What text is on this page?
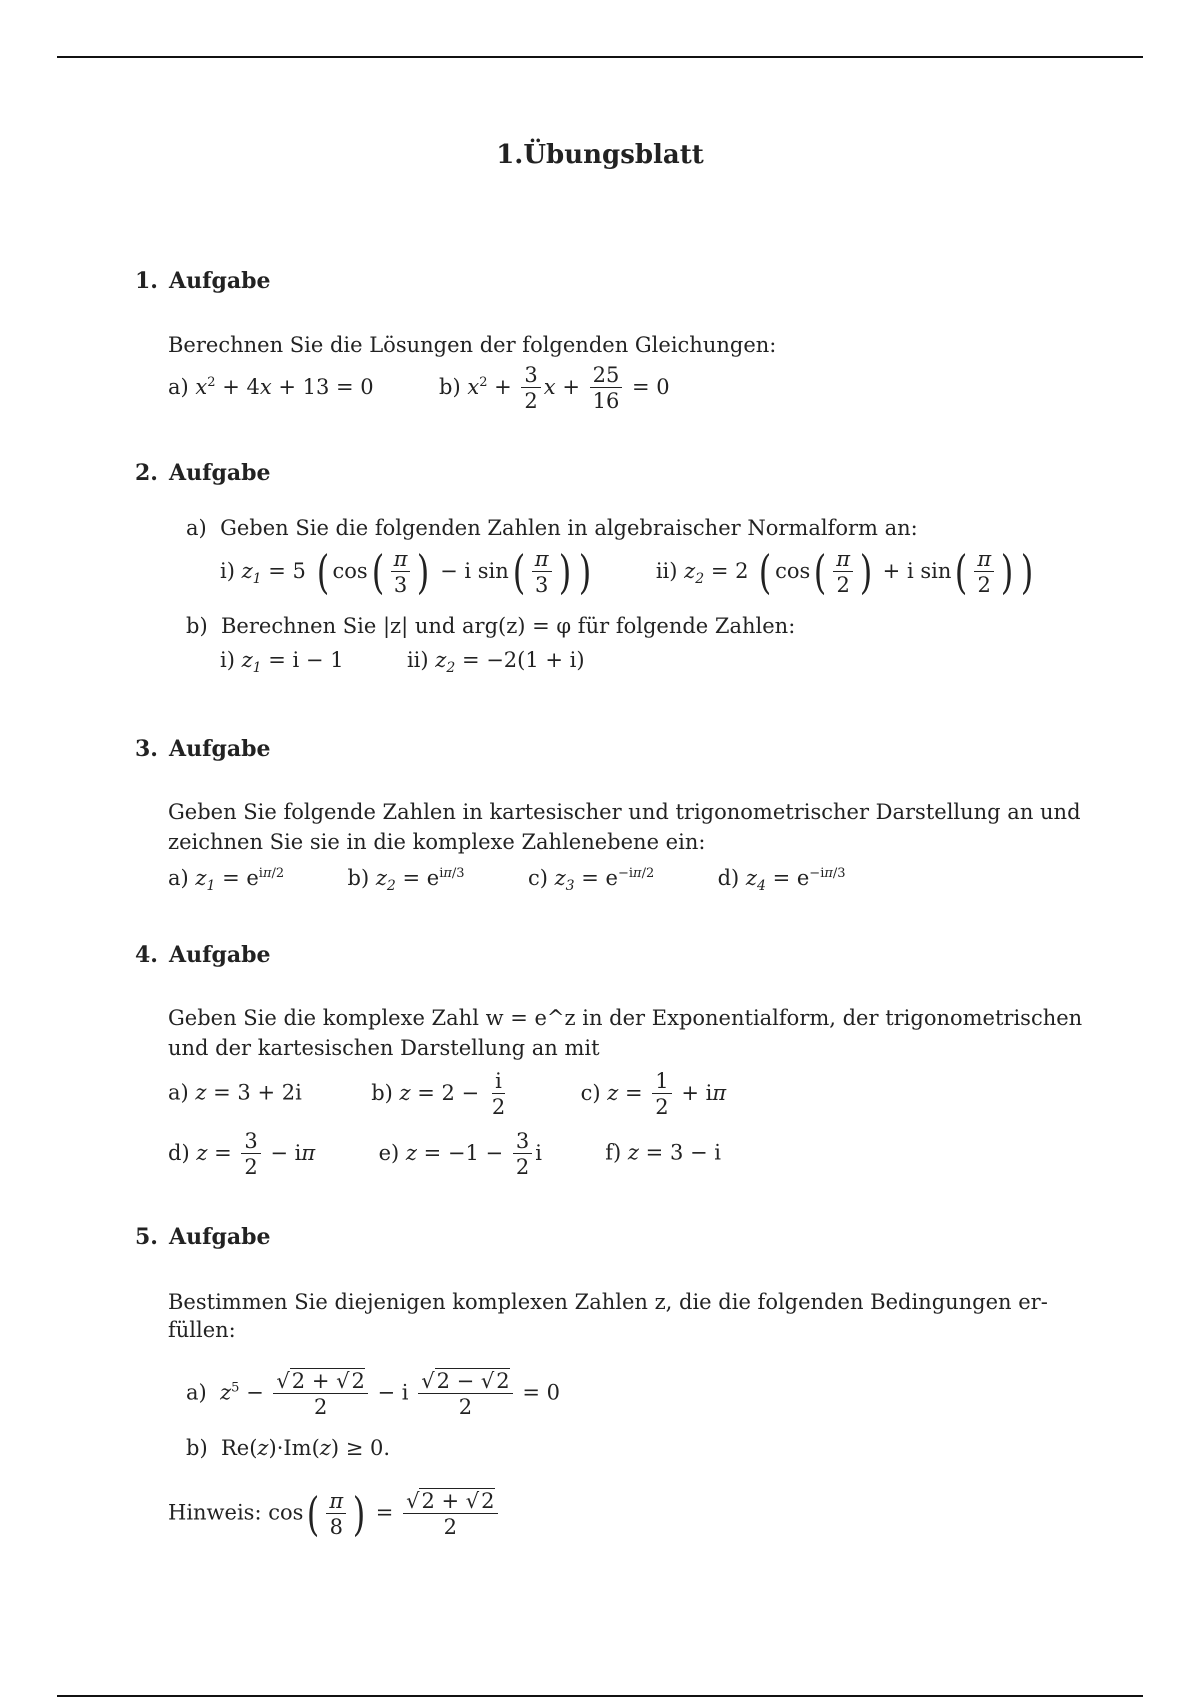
1.Übungsblatt
1. Aufgabe
Berechnen Sie die Lösungen der folgenden Gleichungen:
a) $x^2 + 4x + 13 = 0$	b) $x^2 + \frac{3}{2}$ $x + \frac{25}{16} = 0$
2. Aufgabe
a)  Geben Sie die folgenden Zahlen in algebraischer Normalform an:
i) $z_1 = 5$ ( $\cos( \frac{\pi}{3}$ ) − i $\sin( \frac{\pi}{3}$ ) )	ii) $z_2 = 2$ ( $\cos( \frac{\pi}{2}$ ) + i $\sin( \frac{\pi}{2}$ ) )
b)  Berechnen Sie |z| und arg(z) = φ für folgende Zahlen:
i) $z_1 = i - 1$	ii) $z_2 = -2(1 + i)$
3. Aufgabe
Geben Sie folgende Zahlen in kartesischer und trigonometrischer Darstellung an und
zeichnen Sie sie in die komplexe Zahlenebene ein:
a) $z_1 = e^{i\pi/2}$	b) $z_2 = e^{i\pi/3}$	c) $z_3 = e^{-i\pi/2}$	d) $z_4 = e^{-i\pi/3}$
4. Aufgabe
Geben Sie die komplexe Zahl w = e^z in der Exponentialform, der trigonometrischen
und der kartesischen Darstellung an mit
a) z = 3 + 2i	b) $z = 2 - \frac{i}{2}$	c) $z = \frac{1}{2} + i\pi$
d) $z = \frac{3}{2} - i\pi$	e) $z = -1 - \frac{3}{2}$ i	f) z = 3 − i
5. Aufgabe
Bestimmen Sie diejenigen komplexen Zahlen z, die die folgenden Bedingungen er-
füllen:
a)  $z^5 - \frac{√2 + √2}{2} - i \frac{√2 - √2}{2} = 0$
b)  Re(z)·Im(z) ≥ 0.
Hinweis: $\cos( \frac{\pi}{8}$ ) = $\frac{√2 + √2}{2}$
